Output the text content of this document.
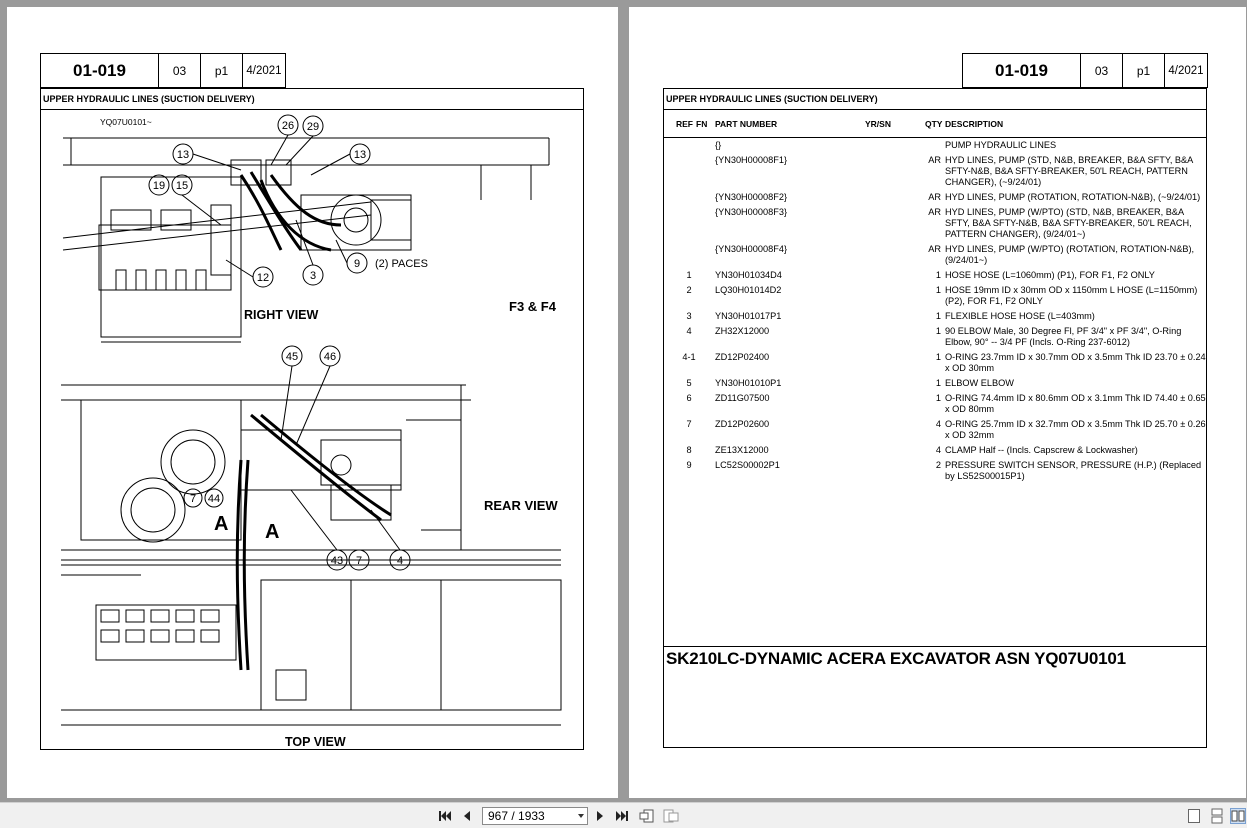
01-019	03	p1	4/2021
UPPER HYDRAULIC LINES (SUCTION DELIVERY)
YQ07U0101~	26 29
13	13
19 15
12	3
9 (2) PACES
RIGHT VIEW
F3 & F4
REAR VIEW
45 46
7 44
43 7	4
A A
TOP VIEW
01-019	03	p1	4/2021
UPPER HYDRAULIC LINES (SUCTION DELIVERY)
REF FN PART NUMBER	YR/SN	QTY DESCRIPTION
{}	PUMP HYDRAULIC LINES
{YN30H00008F1}	AR HYD LINES, PUMP (STD, N&B, BREAKER, B&A SFTY, B&A SFTY-N&B, B&A SFTY-BREAKER, 50'L REACH, PATTERN CHANGER), (~9/24/01)
{YN30H00008F2}	AR HYD LINES, PUMP (ROTATION, ROTATION-N&B), (~9/24/01)
{YN30H00008F3}	AR HYD LINES, PUMP (W/PTO) (STD, N&B, BREAKER, B&A SFTY, B&A SFTY-N&B, B&A SFTY-BREAKER, 50'L REACH, PATTERN CHANGER), (9/24/01~)
{YN30H00008F4}	AR HYD LINES, PUMP (W/PTO) (ROTATION, ROTATION-N&B), (9/24/01~)
1	YN30H01034D4	1 HOSE HOSE (L=1060mm) (P1), FOR F1, F2 ONLY
2	LQ30H01014D2	1 HOSE 19mm ID x 30mm OD x 1150mm L HOSE (L=1150mm) (P2), FOR F1, F2 ONLY
3	YN30H01017P1	1 FLEXIBLE HOSE HOSE (L=403mm)
4	ZH32X12000	1 90 ELBOW Male, 30 Degree Fl, PF 3/4" x PF 3/4", O-Ring Elbow, 90° -- 3/4 PF (Incls. O-Ring 237-6012)
4-1	ZD12P02400	1 O-RING 23.7mm ID x 30.7mm OD x 3.5mm Thk ID 23.70 ± 0.24 x OD 30mm
5	YN30H01010P1	1 ELBOW ELBOW
6	ZD11G07500	1 O-RING 74.4mm ID x 80.6mm OD x 3.1mm Thk ID 74.40 ± 0.65 x OD 80mm
7	ZD12P02600	4 O-RING 25.7mm ID x 32.7mm OD x 3.5mm Thk ID 25.70 ± 0.26 x OD 32mm
8	ZE13X12000	4 CLAMP Half -- (Incls. Capscrew & Lockwasher)
9	LC52S00002P1	2 PRESSURE SWITCH SENSOR, PRESSURE (H.P.) (Replaced by LS52S00015P1)
SK210LC-DYNAMIC ACERA EXCAVATOR ASN YQ07U0101
967 / 1933
